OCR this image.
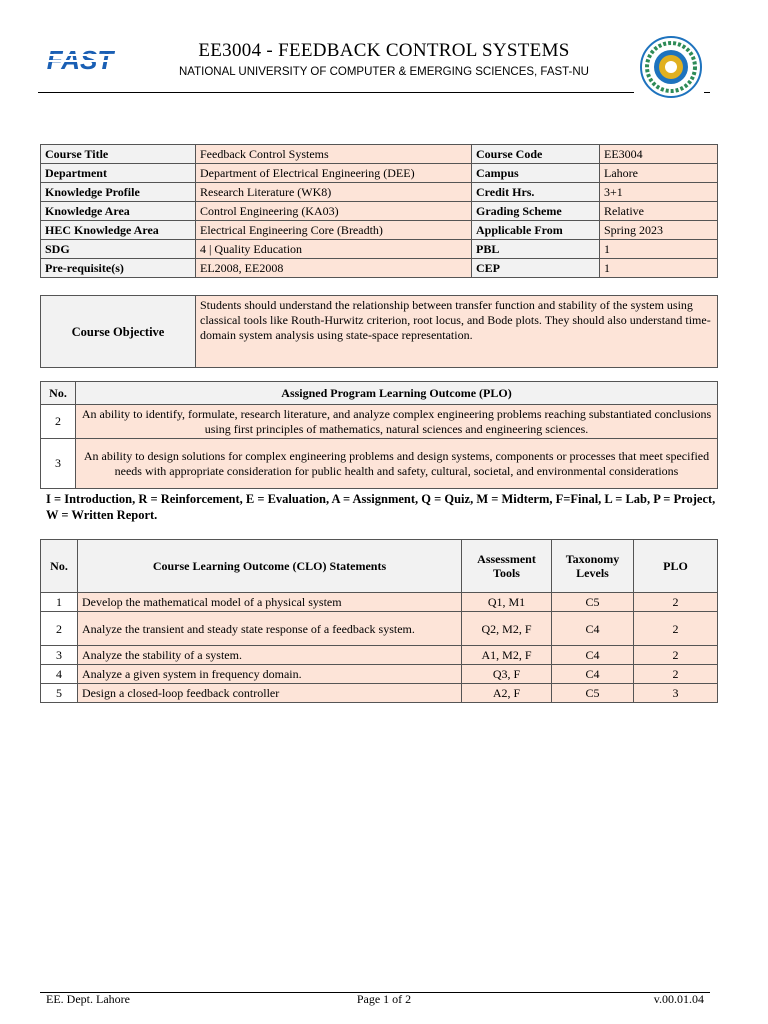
FAST	EE3004 - FEEDBACK CONTROL SYSTEMS
NATIONAL UNIVERSITY OF COMPUTER & EMERGING SCIENCES, FAST-NU
Course Title	Feedback Control Systems	Course Code	EE3004
Department	Department of Electrical Engineering (DEE)	Campus	Lahore
Knowledge Profile	Research Literature (WK8)	Credit Hrs.	3+1
Knowledge Area	Control Engineering (KA03)	Grading Scheme	Relative
HEC Knowledge Area	Electrical Engineering Core (Breadth)	Applicable From	Spring 2023
SDG	4 | Quality Education	PBL	1
Pre-requisite(s)	EL2008, EE2008	CEP	1
Course Objective	Students should understand the relationship between transfer function and stability of the system using classical tools like Routh-Hurwitz criterion, root locus, and Bode plots. They should also understand time-domain system analysis using state-space representation.
No.	Assigned Program Learning Outcome (PLO)
2	An ability to identify, formulate, research literature, and analyze complex engineering problems reaching substantiated conclusions using first principles of mathematics, natural sciences and engineering sciences.
3	An ability to design solutions for complex engineering problems and design systems, components or processes that meet specified needs with appropriate consideration for public health and safety, cultural, societal, and environmental considerations
I = Introduction, R = Reinforcement, E = Evaluation, A = Assignment, Q = Quiz, M = Midterm, F=Final, L = Lab, P = Project, W = Written Report.
No.	Course Learning Outcome (CLO) Statements	Assessment Tools	Taxonomy Levels	PLO
1	Develop the mathematical model of a physical system	Q1, M1	C5	2
2	Analyze the transient and steady state response of a feedback system.	Q2, M2, F	C4	2
3	Analyze the stability of a system.	A1, M2, F	C4	2
4	Analyze a given system in frequency domain.	Q3, F	C4	2
5	Design a closed-loop feedback controller	A2, F	C5	3
EE. Dept. Lahore	Page 1 of 2	v.00.01.04
